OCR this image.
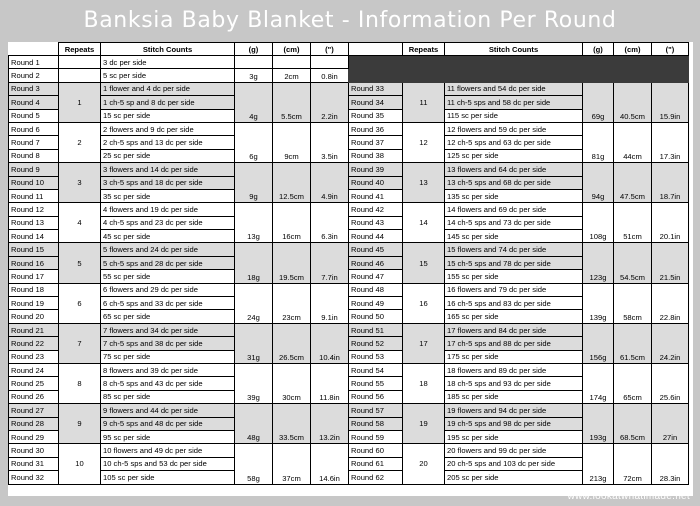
Banksia Baby Blanket - Information Per Round
	Repeats	Stitch Counts	(g)	(cm)	(")		Repeats	Stitch Counts	(g)	(cm)	(")
Round 1		3 dc per side									
Round 2		5 sc per side	3g	2cm	0.8in						
Round 3	1	1 flower and 4 dc per side	4g	5.5cm	2.2in	Round 33	11	11 flowers and 54 dc per side	69g	40.5cm	15.9in
Round 4		1 ch-5 sp and 8 dc per side				Round 34		11 ch-5 sps and 58 dc per side			
Round 5		15 sc per side				Round 35		115 sc per side			
Round 6	2	2 flowers and 9 dc per side	6g	9cm	3.5in	Round 36	12	12 flowers and 59 dc per side	81g	44cm	17.3in
Round 7		2 ch-5 sps and 13 dc per side				Round 37		12 ch-5 sps and 63 dc per side			
Round 8		25 sc per side				Round 38		125 sc per side			
Round 9	3	3 flowers and 14 dc per side	9g	12.5cm	4.9in	Round 39	13	13 flowers and 64 dc per side	94g	47.5cm	18.7in
Round 10		3 ch-5 sps and 18 dc per side				Round 40		13 ch-5 sps and 68 dc per side			
Round 11		35 sc per side				Round 41		135 sc per side			
Round 12	4	4 flowers and 19 dc per side	13g	16cm	6.3in	Round 42	14	14 flowers and 69 dc per side	108g	51cm	20.1in
Round 13		4 ch-5 sps and 23 dc per side				Round 43		14 ch-5 sps and 73 dc per side			
Round 14		45 sc per side				Round 44		145 sc per side			
Round 15	5	5 flowers and 24 dc per side	18g	19.5cm	7.7in	Round 45	15	15 flowers and 74 dc per side	123g	54.5cm	21.5in
Round 16		5 ch-5 sps and 28 dc per side				Round 46		15 ch-5 sps and 78 dc per side			
Round 17		55 sc per side				Round 47		155 sc per side			
Round 18	6	6 flowers and 29 dc per side	24g	23cm	9.1in	Round 48	16	16 flowers and 79 dc per side	139g	58cm	22.8in
Round 19		6 ch-5 sps and 33 dc per side				Round 49		16 ch-5 sps and 83 dc per side			
Round 20		65 sc per side				Round 50		165 sc per side			
Round 21	7	7 flowers and 34 dc per side	31g	26.5cm	10.4in	Round 51	17	17 flowers and 84 dc per side	156g	61.5cm	24.2in
Round 22		7 ch-5 sps and 38 dc per side				Round 52		17 ch-5 sps and 88 dc per side			
Round 23		75 sc per side				Round 53		175 sc per side			
Round 24	8	8 flowers and 39 dc per side	39g	30cm	11.8in	Round 54	18	18 flowers and 89 dc per side	174g	65cm	25.6in
Round 25		8 ch-5 sps and 43 dc per side				Round 55		18 ch-5 sps and 93 dc per side			
Round 26		85 sc per side				Round 56		185 sc per side			
Round 27	9	9 flowers and 44 dc per side	48g	33.5cm	13.2in	Round 57	19	19 flowers and 94 dc per side	193g	68.5cm	27in
Round 28		9 ch-5 sps and 48 dc per side				Round 58		19 ch-5 sps and 98 dc per side			
Round 29		95 sc per side				Round 59		195 sc per side			
Round 30	10	10 flowers and 49 dc per side	58g	37cm	14.6in	Round 60	20	20 flowers and 99 dc per side	213g	72cm	28.3in
Round 31		10 ch-5 sps and 53 dc per side				Round 61		20 ch-5 sps and 103 dc per side			
Round 32		105 sc per side				Round 62		205 sc per side			
www.lookatwhatimade.net
